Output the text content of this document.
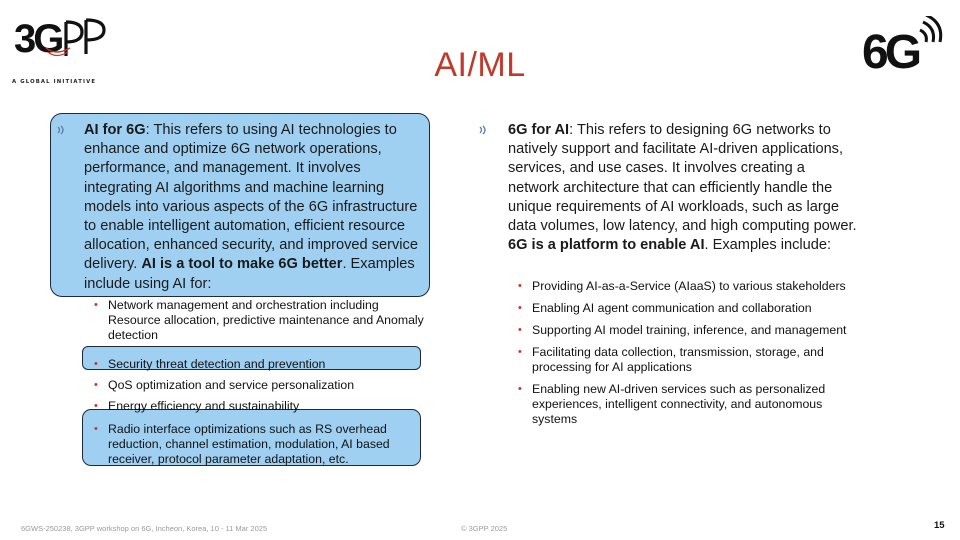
3G
A GLOBAL INITIATIVE
6G
AI/ML

AI for 6G: This refers to using AI technologies to enhance and optimize 6G network operations, performance, and management. It involves integrating AI algorithms and machine learning models into various aspects of the 6G infrastructure to enable intelligent automation, efficient resource allocation, enhanced security, and improved service delivery. AI is a tool to make 6G better. Examples include using AI for:

• Network management and orchestration including Resource allocation, predictive maintenance and Anomaly detection
• Security threat detection and prevention
• QoS optimization and service personalization
• Energy efficiency and sustainability
• Radio interface optimizations such as RS overhead reduction, channel estimation, modulation, AI based receiver, protocol parameter adaptation, etc.

6G for AI: This refers to designing 6G networks to natively support and facilitate AI-driven applications, services, and use cases. It involves creating a network architecture that can efficiently handle the unique requirements of AI workloads, such as large data volumes, low latency, and high computing power. 6G is a platform to enable AI. Examples include:

• Providing AI-as-a-Service (AIaaS) to various stakeholders
• Enabling AI agent communication and collaboration
• Supporting AI model training, inference, and management
• Facilitating data collection, transmission, storage, and processing for AI applications
• Enabling new AI-driven services such as personalized experiences, intelligent connectivity, and autonomous systems
6GWS-250238, 3GPP workshop on 6G, Incheon, Korea, 10 - 11 Mar 2025	© 3GPP 2025	15
